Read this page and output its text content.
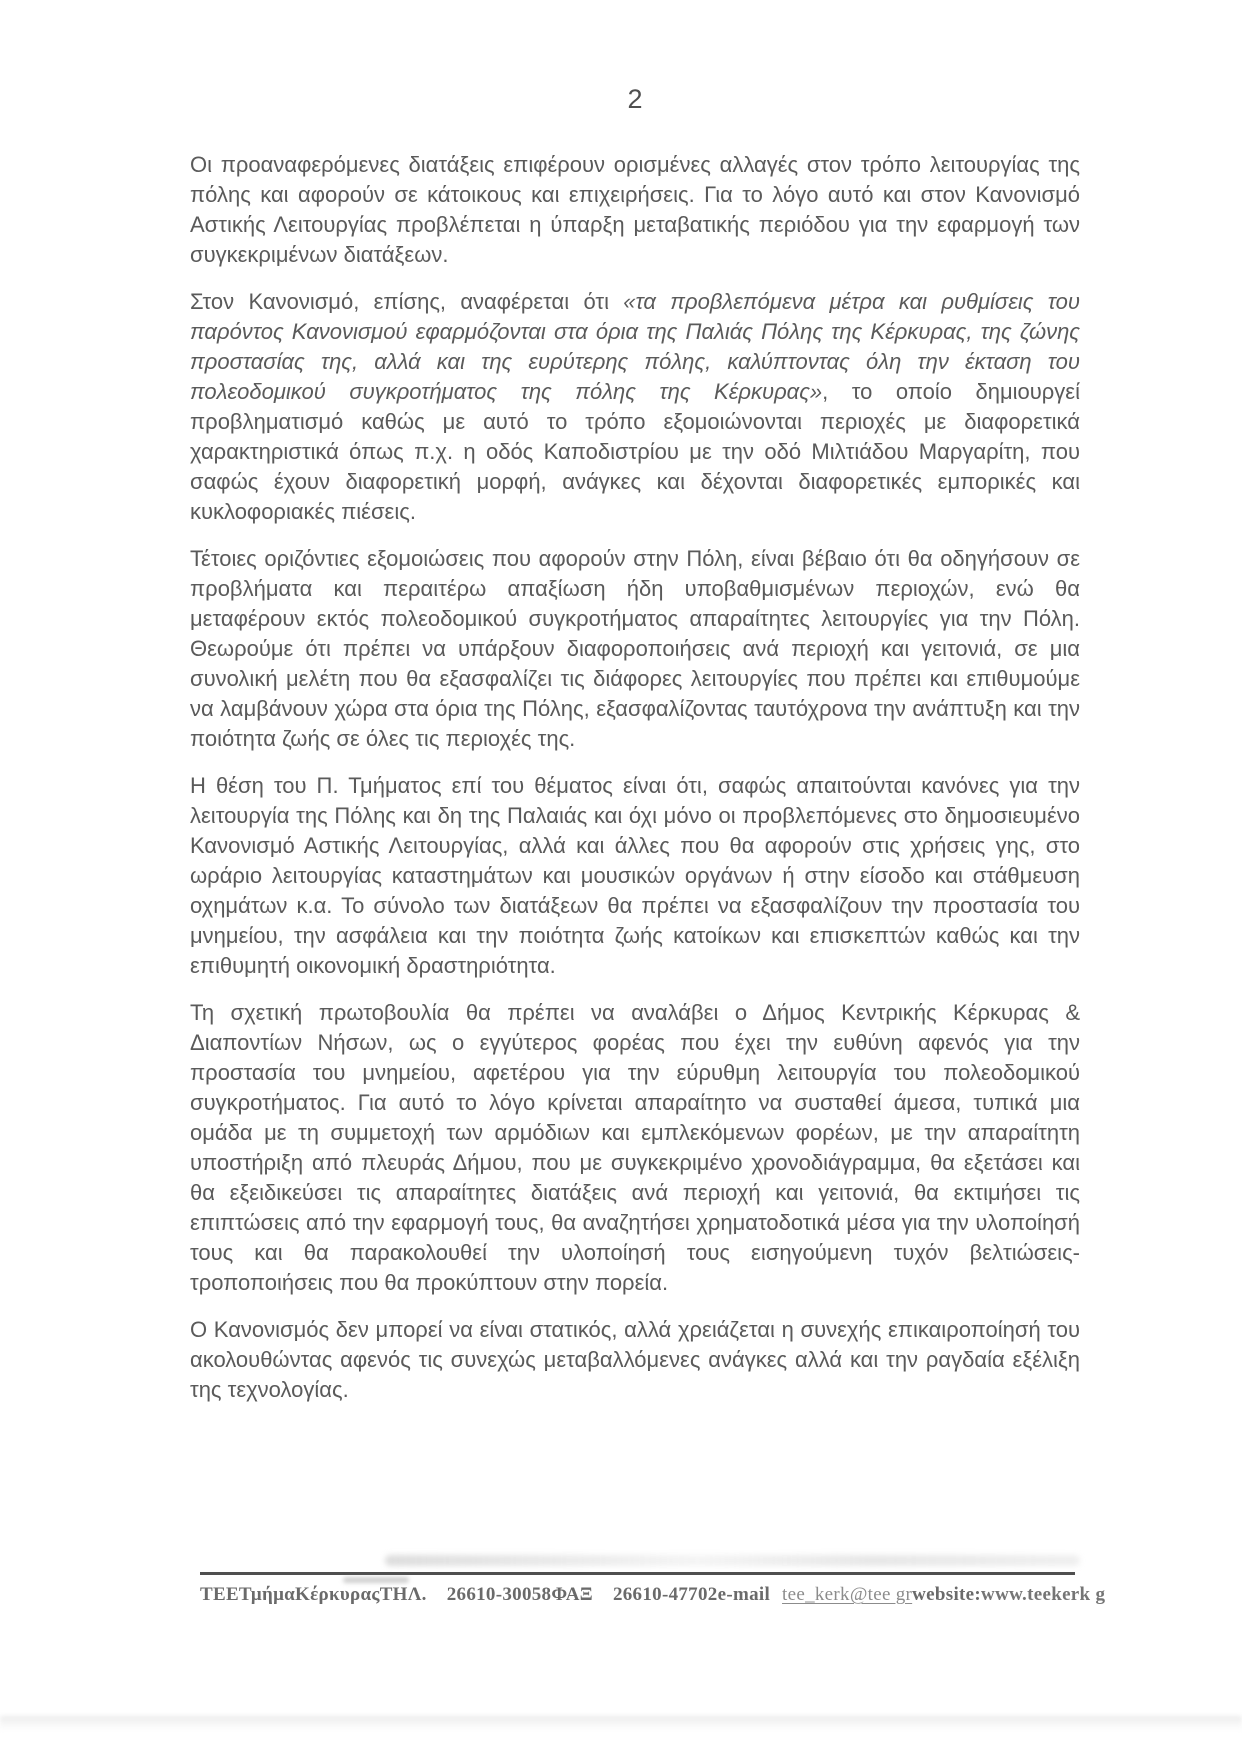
2

Οι προαναφερόμενες διατάξεις επιφέρουν ορισμένες αλλαγές στον τρόπο λειτουργίας της πόλης και αφορούν σε κάτοικους και επιχειρήσεις. Για το λόγο αυτό και στον Κανονισμό Αστικής Λειτουργίας προβλέπεται η ύπαρξη μεταβατικής περιόδου για την εφαρμογή των συγκεκριμένων διατάξεων.

Στον Κανονισμό, επίσης, αναφέρεται ότι «τα προβλεπόμενα μέτρα και ρυθμίσεις του παρόντος Κανονισμού εφαρμόζονται στα όρια της Παλιάς Πόλης της Κέρκυρας, της ζώνης προστασίας της, αλλά και της ευρύτερης πόλης, καλύπτοντας όλη την έκταση του πολεοδομικού συγκροτήματος της πόλης της Κέρκυρας», το οποίο δημιουργεί προβληματισμό καθώς με αυτό το τρόπο εξομοιώνονται περιοχές με διαφορετικά χαρακτηριστικά όπως π.χ. η οδός Καποδιστρίου με την οδό Μιλτιάδου Μαργαρίτη, που σαφώς έχουν διαφορετική μορφή, ανάγκες και δέχονται διαφορετικές εμπορικές και κυκλοφοριακές πιέσεις.

Τέτοιες οριζόντιες εξομοιώσεις που αφορούν στην Πόλη, είναι βέβαιο ότι θα οδηγήσουν σε προβλήματα και περαιτέρω απαξίωση ήδη υποβαθμισμένων περιοχών, ενώ θα μεταφέρουν εκτός πολεοδομικού συγκροτήματος απαραίτητες λειτουργίες για την Πόλη. Θεωρούμε ότι πρέπει να υπάρξουν διαφοροποιήσεις ανά περιοχή και γειτονιά, σε μια συνολική μελέτη που θα εξασφαλίζει τις διάφορες λειτουργίες που πρέπει και επιθυμούμε να λαμβάνουν χώρα στα όρια της Πόλης, εξασφαλίζοντας ταυτόχρονα την ανάπτυξη και την ποιότητα ζωής σε όλες τις περιοχές της.

Η θέση του Π. Τμήματος επί του θέματος είναι ότι, σαφώς απαιτούνται κανόνες για την λειτουργία της Πόλης και δη της Παλαιάς και όχι μόνο οι προβλεπόμενες στο δημοσιευμένο Κανονισμό Αστικής Λειτουργίας, αλλά και άλλες που θα αφορούν στις χρήσεις γης, στο ωράριο λειτουργίας καταστημάτων και μουσικών οργάνων ή στην είσοδο και στάθμευση οχημάτων κ.α. Το σύνολο των διατάξεων θα πρέπει να εξασφαλίζουν την προστασία του μνημείου, την ασφάλεια και την ποιότητα ζωής κατοίκων και επισκεπτών καθώς και την επιθυμητή οικονομική δραστηριότητα.

Τη σχετική πρωτοβουλία θα πρέπει να αναλάβει ο Δήμος Κεντρικής Κέρκυρας & Διαποντίων Νήσων, ως ο εγγύτερος φορέας που έχει την ευθύνη αφενός για την προστασία του μνημείου, αφετέρου για την εύρυθμη λειτουργία του πολεοδομικού συγκροτήματος. Για αυτό το λόγο κρίνεται απαραίτητο να συσταθεί άμεσα, τυπικά μια ομάδα με τη συμμετοχή των αρμόδιων και εμπλεκόμενων φορέων, με την απαραίτητη υποστήριξη από πλευράς Δήμου, που με συγκεκριμένο χρονοδιάγραμμα, θα εξετάσει και θα εξειδικεύσει τις απαραίτητες διατάξεις ανά περιοχή και γειτονιά, θα εκτιμήσει τις επιπτώσεις από την εφαρμογή τους, θα αναζητήσει χρηματοδοτικά μέσα για την υλοποίησή τους και θα παρακολουθεί την υλοποίησή τους εισηγούμενη τυχόν βελτιώσεις-τροποποιήσεις που θα προκύπτουν στην πορεία.

Ο Κανονισμός δεν μπορεί να είναι στατικός, αλλά χρειάζεται η συνεχής επικαιροποίησή του ακολουθώντας αφενός τις συνεχώς μεταβαλλόμενες ανάγκες αλλά και την ραγδαία εξέλιξη της τεχνολογίας.

ΤΕΕΤμήμαΚέρκυραςΤΗΛ. 26610-30058ΦΑΞ 26610-47702e-mail tee_kerk@tee grwebsite:www.teekerk g
